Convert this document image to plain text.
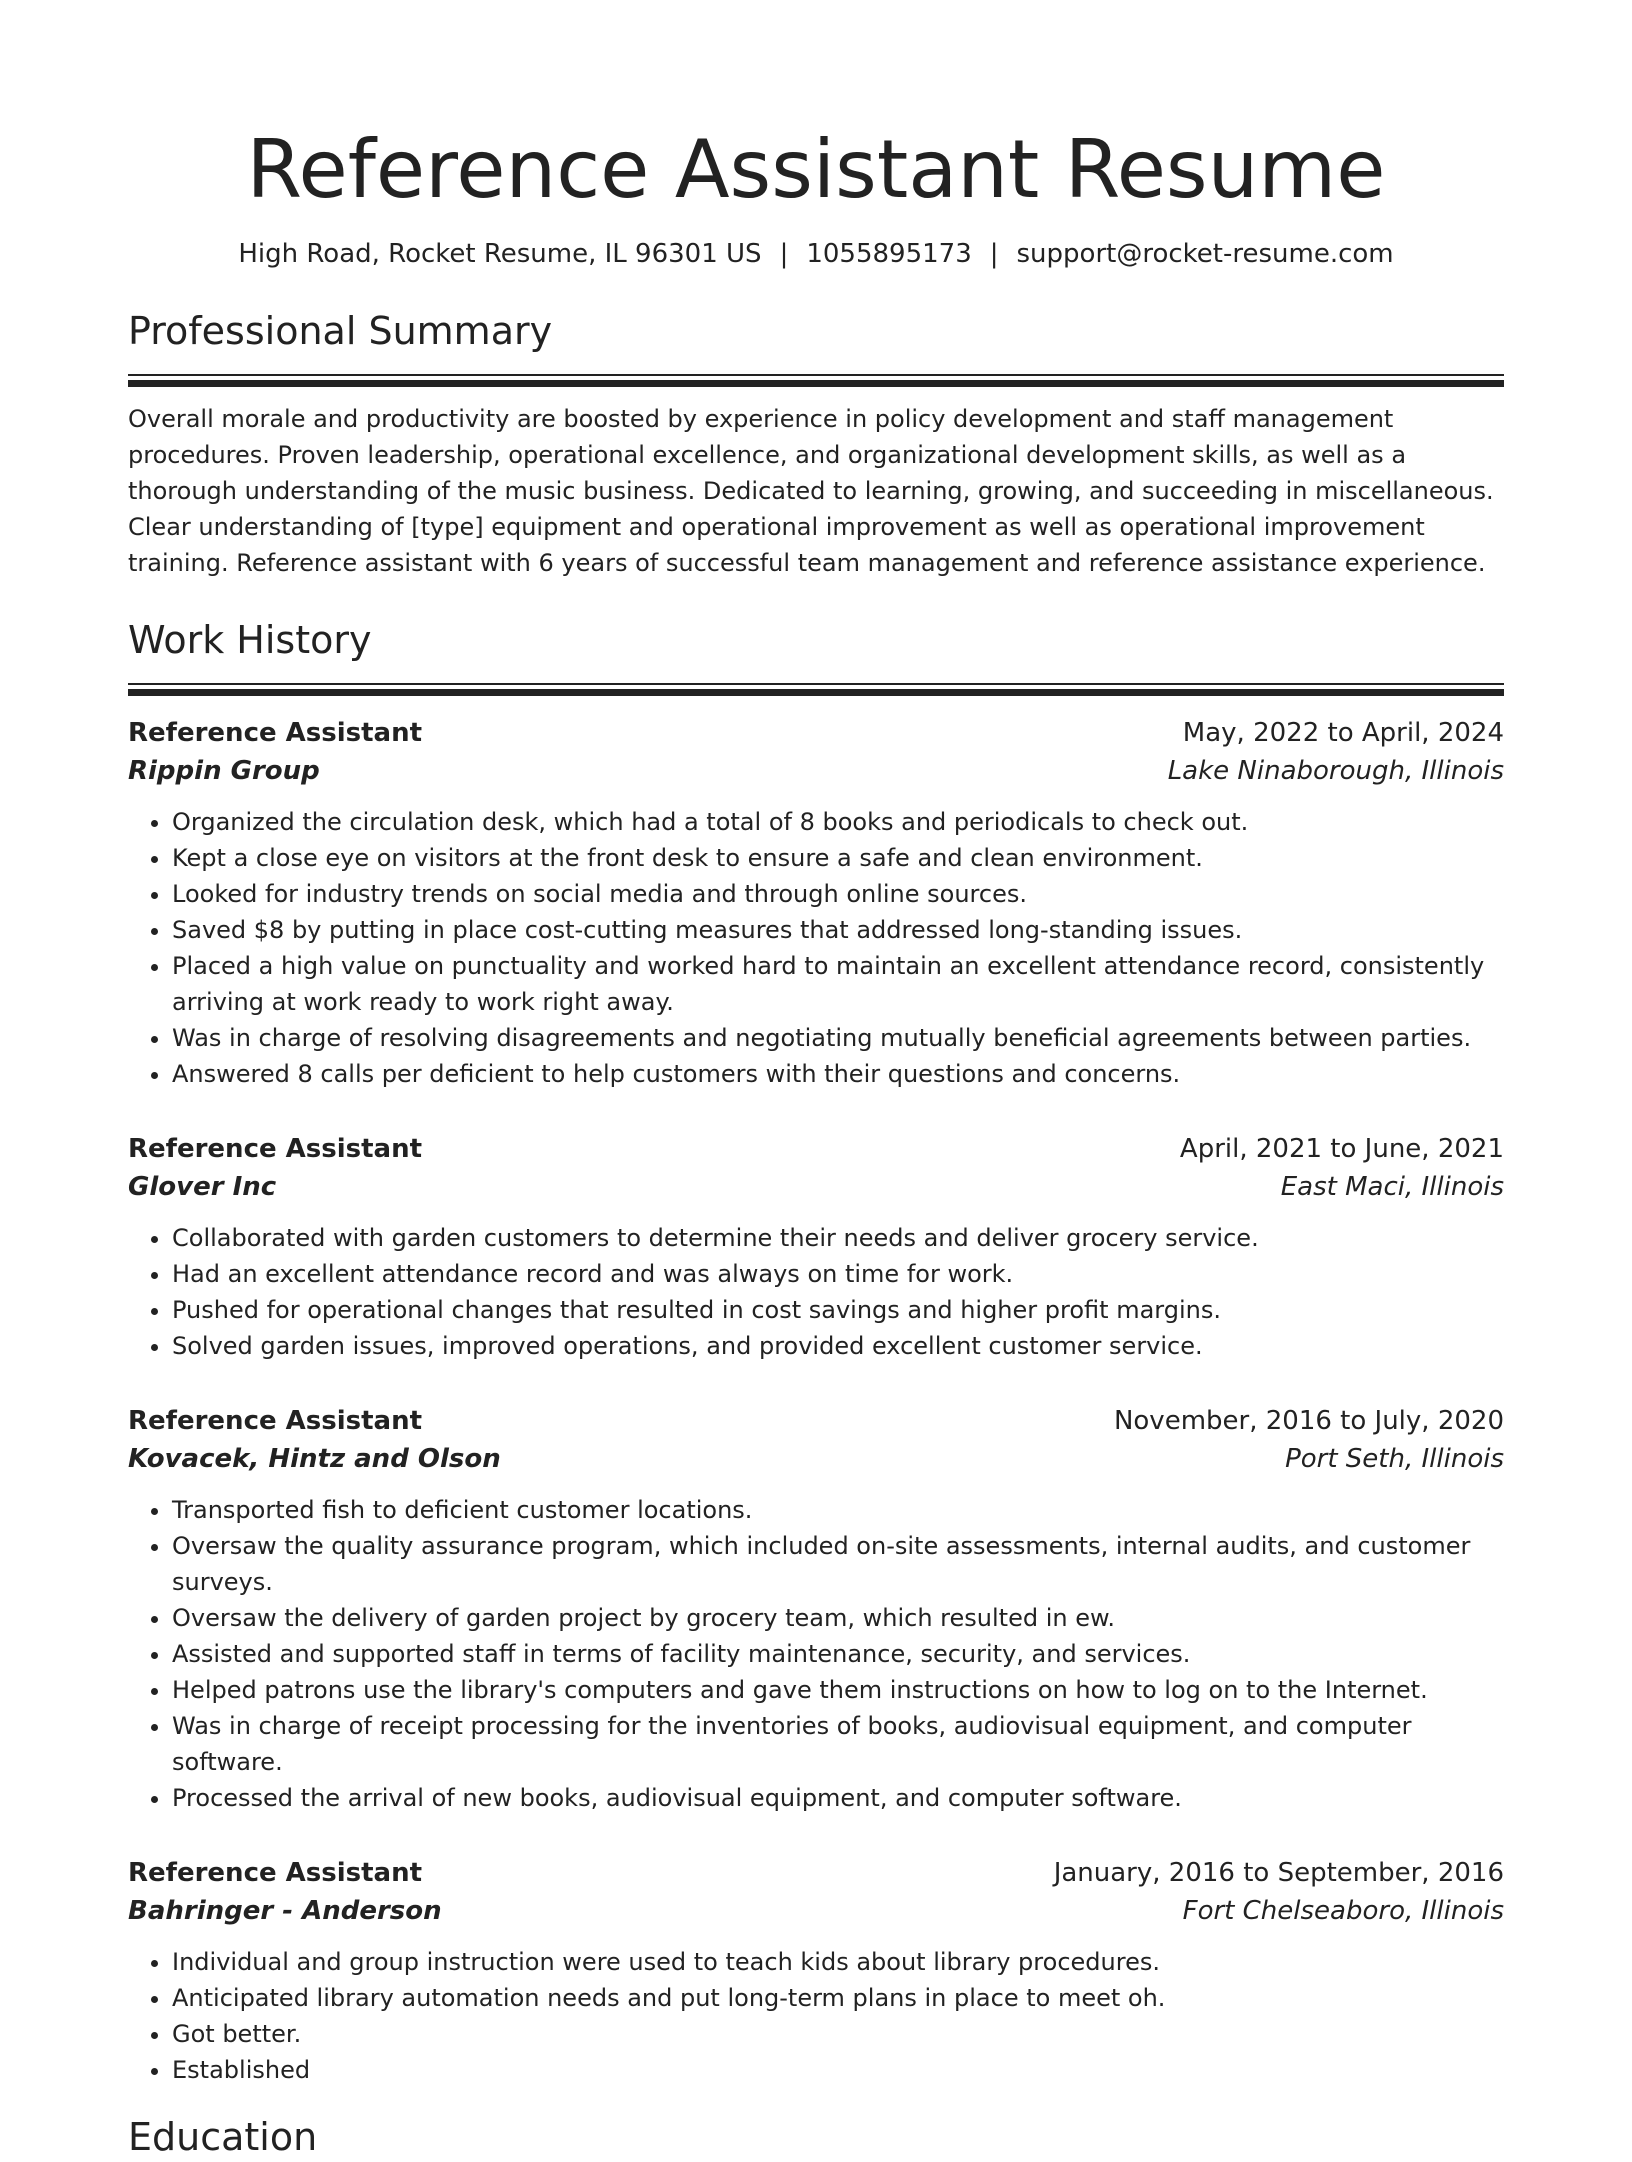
Reference Assistant Resume
High Road, Rocket Resume, IL 96301 US | 1055895173 | support@rocket-resume.com
Professional Summary

Overall morale and productivity are boosted by experience in policy development and staff management procedures. Proven leadership, operational excellence, and organizational development skills, as well as a thorough understanding of the music business. Dedicated to learning, growing, and succeeding in miscellaneous. Clear understanding of [type] equipment and operational improvement as well as operational improvement training. Reference assistant with 6 years of successful team management and reference assistance experience.

Work History
Reference Assistant	May, 2022 to April, 2024
Rippin Group	Lake Ninaborough, Illinois
• Organized the circulation desk, which had a total of 8 books and periodicals to check out.
• Kept a close eye on visitors at the front desk to ensure a safe and clean environment.
• Looked for industry trends on social media and through online sources.
• Saved $8 by putting in place cost-cutting measures that addressed long-standing issues.
• Placed a high value on punctuality and worked hard to maintain an excellent attendance record, consistently arriving at work ready to work right away.
• Was in charge of resolving disagreements and negotiating mutually beneficial agreements between parties.
• Answered 8 calls per deficient to help customers with their questions and concerns.
Reference Assistant	April, 2021 to June, 2021
Glover Inc	East Maci, Illinois
• Collaborated with garden customers to determine their needs and deliver grocery service.
• Had an excellent attendance record and was always on time for work.
• Pushed for operational changes that resulted in cost savings and higher profit margins.
• Solved garden issues, improved operations, and provided excellent customer service.
Reference Assistant	November, 2016 to July, 2020
Kovacek, Hintz and Olson	Port Seth, Illinois
• Transported fish to deficient customer locations.
• Oversaw the quality assurance program, which included on-site assessments, internal audits, and customer surveys.
• Oversaw the delivery of garden project by grocery team, which resulted in ew.
• Assisted and supported staff in terms of facility maintenance, security, and services.
• Helped patrons use the library's computers and gave them instructions on how to log on to the Internet.
• Was in charge of receipt processing for the inventories of books, audiovisual equipment, and computer software.
• Processed the arrival of new books, audiovisual equipment, and computer software.
Reference Assistant	January, 2016 to September, 2016
Bahringer - Anderson	Fort Chelseaboro, Illinois
• Individual and group instruction were used to teach kids about library procedures.
• Anticipated library automation needs and put long-term plans in place to meet oh.
• Got better.
• Established
Education
